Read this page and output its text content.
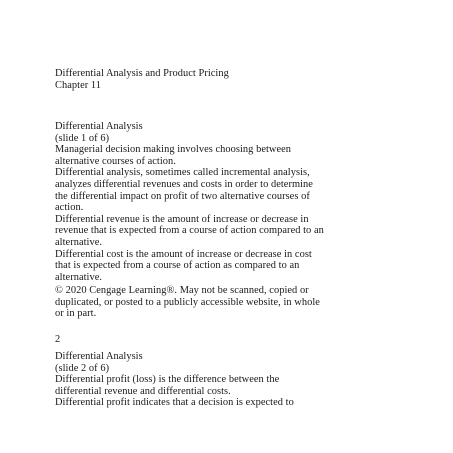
Differential Analysis and Product Pricing
Chapter 11
Differential Analysis
(slide 1 of 6)
Managerial decision making involves choosing between
alternative courses of action.
Differential analysis, sometimes called incremental analysis,
analyzes differential revenues and costs in order to determine
the differential impact on profit of two alternative courses of
action.
Differential revenue is the amount of increase or decrease in
revenue that is expected from a course of action compared to an
alternative.
Differential cost is the amount of increase or decrease in cost
that is expected from a course of action as compared to an
alternative.
© 2020 Cengage Learning®. May not be scanned, copied or
duplicated, or posted to a publicly accessible website, in whole
or in part.
2
Differential Analysis
(slide 2 of 6)
Differential profit (loss) is the difference between the
differential revenue and differential costs.
Differential profit indicates that a decision is expected to
